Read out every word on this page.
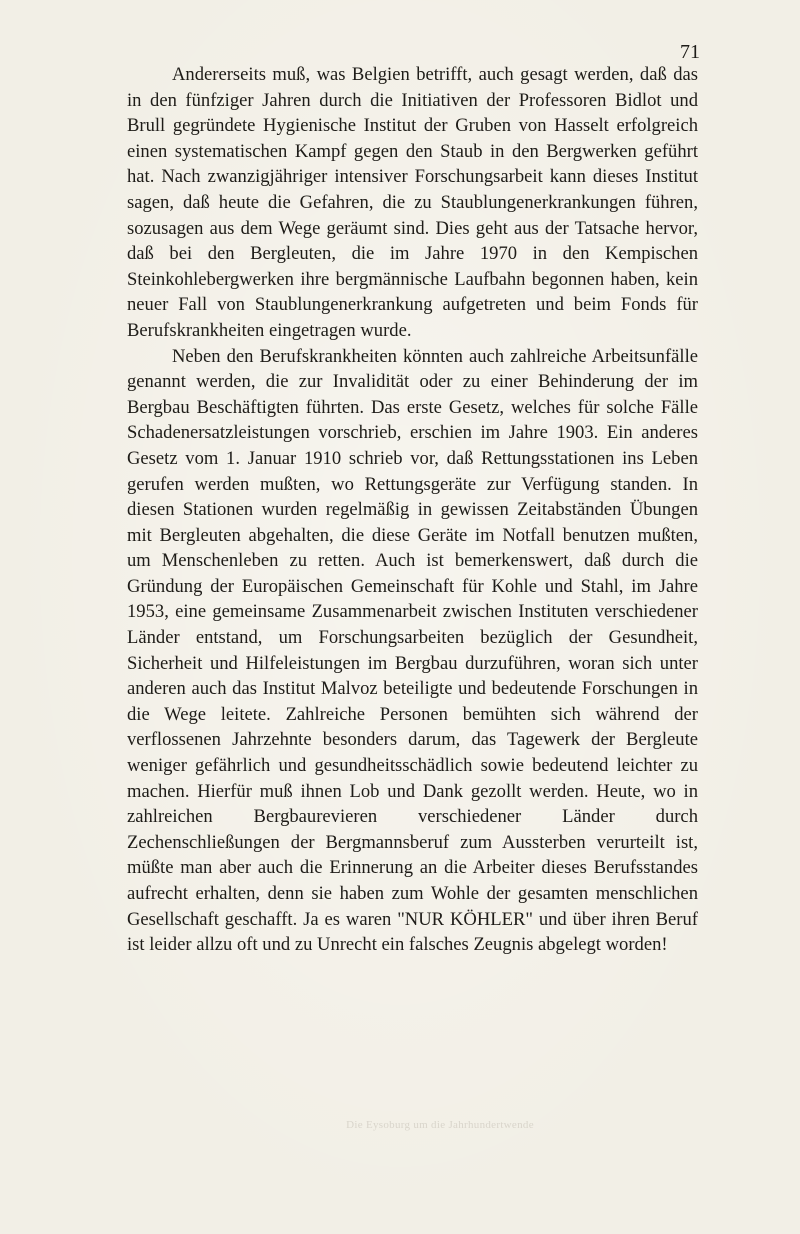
71

Andererseits muß, was Belgien betrifft, auch gesagt werden, daß das in den fünfziger Jahren durch die Initiativen der Professoren Bidlot und Brull gegründete Hygienische Institut der Gruben von Hasselt erfolgreich einen systematischen Kampf gegen den Staub in den Bergwerken geführt hat. Nach zwanzigjähriger intensiver Forschungsarbeit kann dieses Institut sagen, daß heute die Gefahren, die zu Staublungenerkrankungen führen, sozusagen aus dem Wege geräumt sind. Dies geht aus der Tatsache hervor, daß bei den Bergleuten, die im Jahre 1970 in den Kempischen Steinkohlebergwerken ihre bergmännische Laufbahn begonnen haben, kein neuer Fall von Staublungenerkrankung aufgetreten und beim Fonds für Berufskrankheiten eingetragen wurde.

Neben den Berufskrankheiten könnten auch zahlreiche Arbeitsunfälle genannt werden, die zur Invalidität oder zu einer Behinderung der im Bergbau Beschäftigten führten. Das erste Gesetz, welches für solche Fälle Schadenersatzleistungen vorschrieb, erschien im Jahre 1903. Ein anderes Gesetz vom 1. Januar 1910 schrieb vor, daß Rettungsstationen ins Leben gerufen werden mußten, wo Rettungsgeräte zur Verfügung standen. In diesen Stationen wurden regelmäßig in gewissen Zeitabständen Übungen mit Bergleuten abgehalten, die diese Geräte im Notfall benutzen mußten, um Menschenleben zu retten. Auch ist bemerkenswert, daß durch die Gründung der Europäischen Gemeinschaft für Kohle und Stahl, im Jahre 1953, eine gemeinsame Zusammenarbeit zwischen Instituten verschiedener Länder entstand, um Forschungsarbeiten bezüglich der Gesundheit, Sicherheit und Hilfeleistungen im Bergbau durzuführen, woran sich unter anderen auch das Institut Malvoz beteiligte und bedeutende Forschungen in die Wege leitete. Zahlreiche Personen bemühten sich während der verflossenen Jahrzehnte besonders darum, das Tagewerk der Bergleute weniger gefährlich und gesundheitsschädlich sowie bedeutend leichter zu machen. Hierfür muß ihnen Lob und Dank gezollt werden. Heute, wo in zahlreichen Bergbaurevieren verschiedener Länder durch Zechenschließungen der Bergmannsberuf zum Aussterben verurteilt ist, müßte man aber auch die Erinnerung an die Arbeiter dieses Berufsstandes aufrecht erhalten, denn sie haben zum Wohle der gesamten menschlichen Gesellschaft geschafft. Ja es waren "NUR KÖHLER" und über ihren Beruf ist leider allzu oft und zu Unrecht ein falsches Zeugnis abgelegt worden!

Die Eysoburg um die Jahrhundertwende
